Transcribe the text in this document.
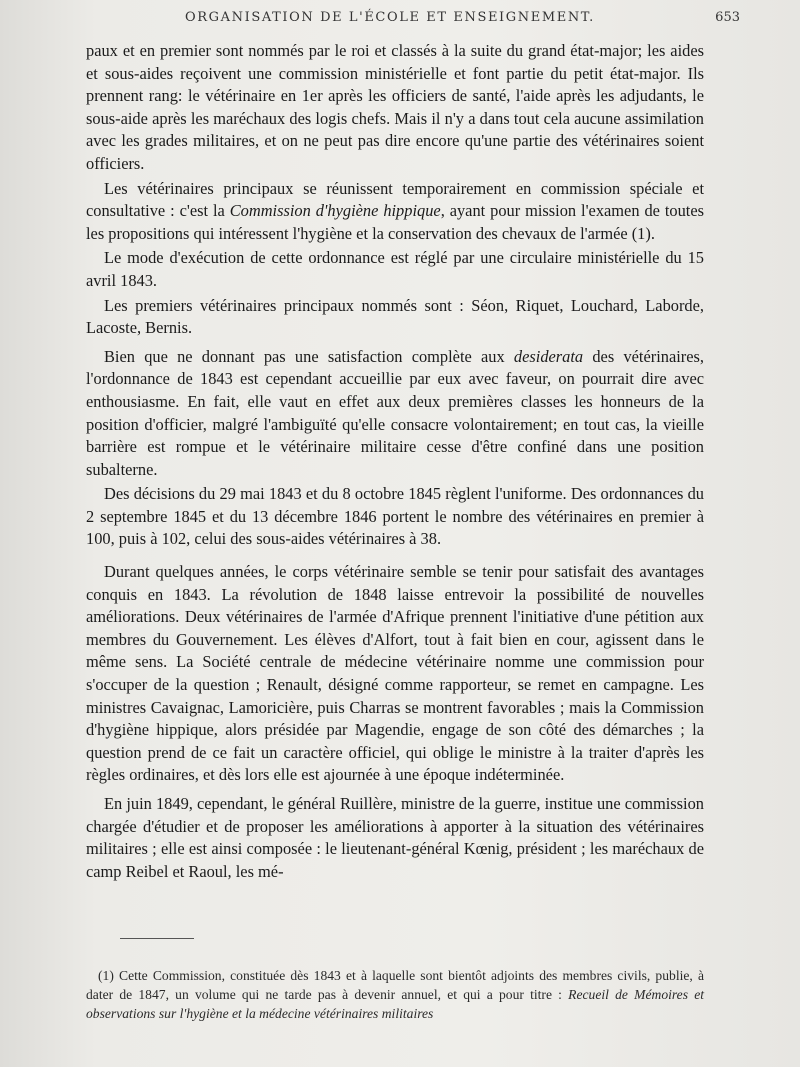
ORGANISATION DE L'ÉCOLE ET ENSEIGNEMENT.	653

paux et en premier sont nommés par le roi et classés à la suite du grand état-major; les aides et sous-aides reçoivent une commission ministérielle et font partie du petit état-major. Ils prennent rang: le vétérinaire en 1er après les officiers de santé, l'aide après les adjudants, le sous-aide après les maréchaux des logis chefs. Mais il n'y a dans tout cela aucune assimilation avec les grades militaires, et on ne peut pas dire encore qu'une partie des vétérinaires soient officiers.

Les vétérinaires principaux se réunissent temporairement en commission spéciale et consultative : c'est la Commission d'hygiène hippique, ayant pour mission l'examen de toutes les propositions qui intéressent l'hygiène et la conservation des chevaux de l'armée (1).

Le mode d'exécution de cette ordonnance est réglé par une circulaire ministérielle du 15 avril 1843.

Les premiers vétérinaires principaux nommés sont : Séon, Riquet, Louchard, Laborde, Lacoste, Bernis.

Bien que ne donnant pas une satisfaction complète aux desiderata des vétérinaires, l'ordonnance de 1843 est cependant accueillie par eux avec faveur, on pourrait dire avec enthousiasme. En fait, elle vaut en effet aux deux premières classes les honneurs de la position d'officier, malgré l'ambiguïté qu'elle consacre volontairement; en tout cas, la vieille barrière est rompue et le vétérinaire militaire cesse d'être confiné dans une position subalterne.

Des décisions du 29 mai 1843 et du 8 octobre 1845 règlent l'uniforme. Des ordonnances du 2 septembre 1845 et du 13 décembre 1846 portent le nombre des vétérinaires en premier à 100, puis à 102, celui des sous-aides vétérinaires à 38.

Durant quelques années, le corps vétérinaire semble se tenir pour satisfait des avantages conquis en 1843. La révolution de 1848 laisse entrevoir la possibilité de nouvelles améliorations. Deux vétérinaires de l'armée d'Afrique prennent l'initiative d'une pétition aux membres du Gouvernement. Les élèves d'Alfort, tout à fait bien en cour, agissent dans le même sens. La Société centrale de médecine vétérinaire nomme une commission pour s'occuper de la question ; Renault, désigné comme rapporteur, se remet en campagne. Les ministres Cavaignac, Lamoricière, puis Charras se montrent favorables ; mais la Commission d'hygiène hippique, alors présidée par Magendie, engage de son côté des démarches ; la question prend de ce fait un caractère officiel, qui oblige le ministre à la traiter d'après les règles ordinaires, et dès lors elle est ajournée à une époque indéterminée.

En juin 1849, cependant, le général Ruillère, ministre de la guerre, institue une commission chargée d'étudier et de proposer les améliorations à apporter à la situation des vétérinaires militaires ; elle est ainsi composée : le lieutenant-général Kœnig, président ; les maréchaux de camp Reibel et Raoul, les mé-

(1) Cette Commission, constituée dès 1843 et à laquelle sont bientôt adjoints des membres civils, publie, à dater de 1847, un volume qui ne tarde pas à devenir annuel, et qui a pour titre : Recueil de Mémoires et observations sur l'hygiène et la médecine vétérinaires militaires
